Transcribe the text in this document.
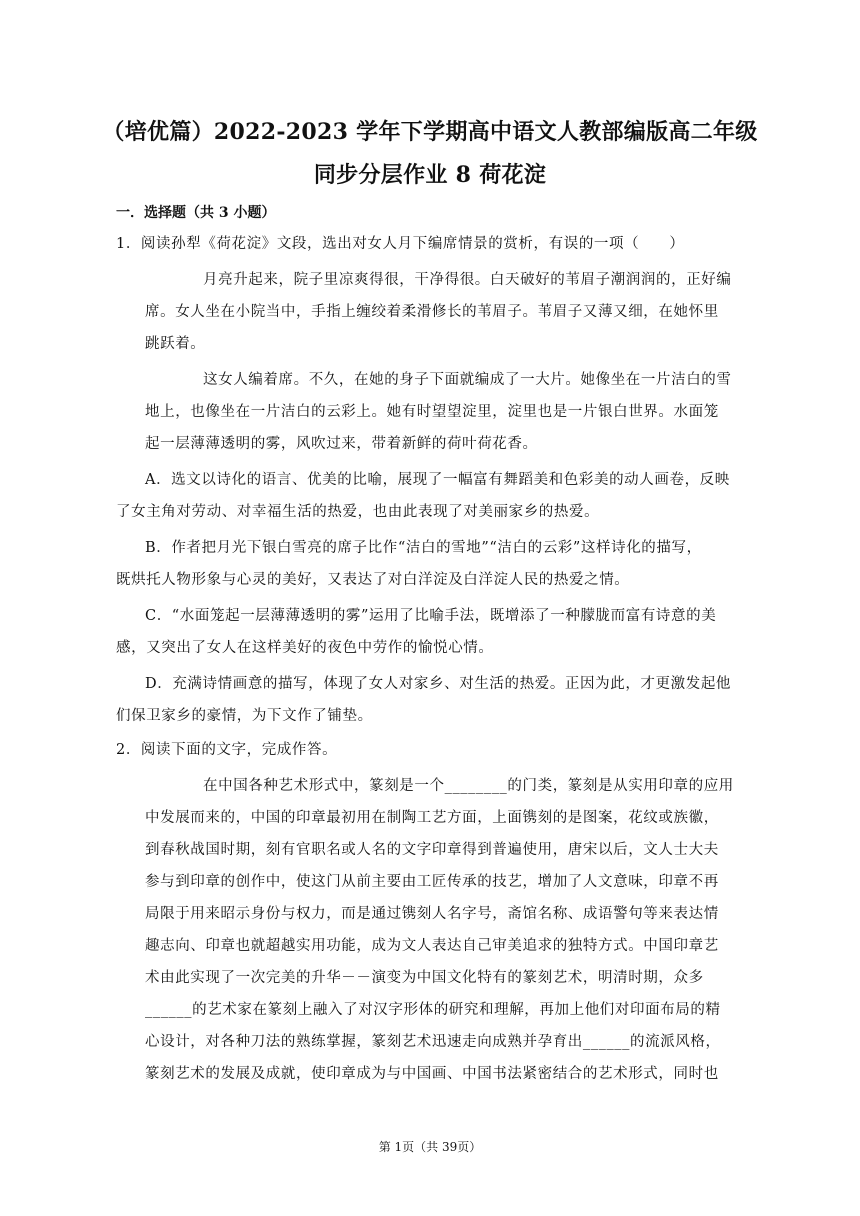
（培优篇）2022-2023 学年下学期高中语文人教部编版高二年级
同步分层作业 8 荷花淀
一．选择题（共 3 小题）
1．阅读孙犁《荷花淀》文段，选出对女人月下编席情景的赏析，有误的一项（　　）
月亮升起来，院子里凉爽得很，干净得很。白天破好的苇眉子潮润润的，正好编
席。女人坐在小院当中，手指上缠绞着柔滑修长的苇眉子。苇眉子又薄又细，在她怀里
跳跃着。
这女人编着席。不久，在她的身子下面就编成了一大片。她像坐在一片洁白的雪
地上，也像坐在一片洁白的云彩上。她有时望望淀里，淀里也是一片银白世界。水面笼
起一层薄薄透明的雾，风吹过来，带着新鲜的荷叶荷花香。
A．选文以诗化的语言、优美的比喻，展现了一幅富有舞蹈美和色彩美的动人画卷，反映
了女主角对劳动、对幸福生活的热爱，也由此表现了对美丽家乡的热爱。
B．作者把月光下银白雪亮的席子比作“洁白的雪地”“洁白的云彩”这样诗化的描写，
既烘托人物形象与心灵的美好，又表达了对白洋淀及白洋淀人民的热爱之情。
C．“水面笼起一层薄薄透明的雾”运用了比喻手法，既增添了一种朦胧而富有诗意的美
感，又突出了女人在这样美好的夜色中劳作的愉悦心情。
D．充满诗情画意的描写，体现了女人对家乡、对生活的热爱。正因为此，才更激发起他
们保卫家乡的豪情，为下文作了铺垫。
2．阅读下面的文字，完成作答。
在中国各种艺术形式中，篆刻是一个________的门类，篆刻是从实用印章的应用
中发展而来的，中国的印章最初用在制陶工艺方面，上面镌刻的是图案，花纹或族徽，
到春秋战国时期，刻有官职名或人名的文字印章得到普遍使用，唐宋以后，文人士大夫
参与到印章的创作中，使这门从前主要由工匠传承的技艺，增加了人文意味，印章不再
局限于用来昭示身份与权力，而是通过镌刻人名字号，斋馆名称、成语警句等来表达情
趣志向、印章也就超越实用功能，成为文人表达自己审美追求的独特方式。中国印章艺
术由此实现了一次完美的升华－－演变为中国文化特有的篆刻艺术，明清时期，众多
______的艺术家在篆刻上融入了对汉字形体的研究和理解，再加上他们对印面布局的精
心设计，对各种刀法的熟练掌握，篆刻艺术迅速走向成熟并孕育出______的流派风格，
篆刻艺术的发展及成就，使印章成为与中国画、中国书法紧密结合的艺术形式，同时也
第 1页（共 39页）
